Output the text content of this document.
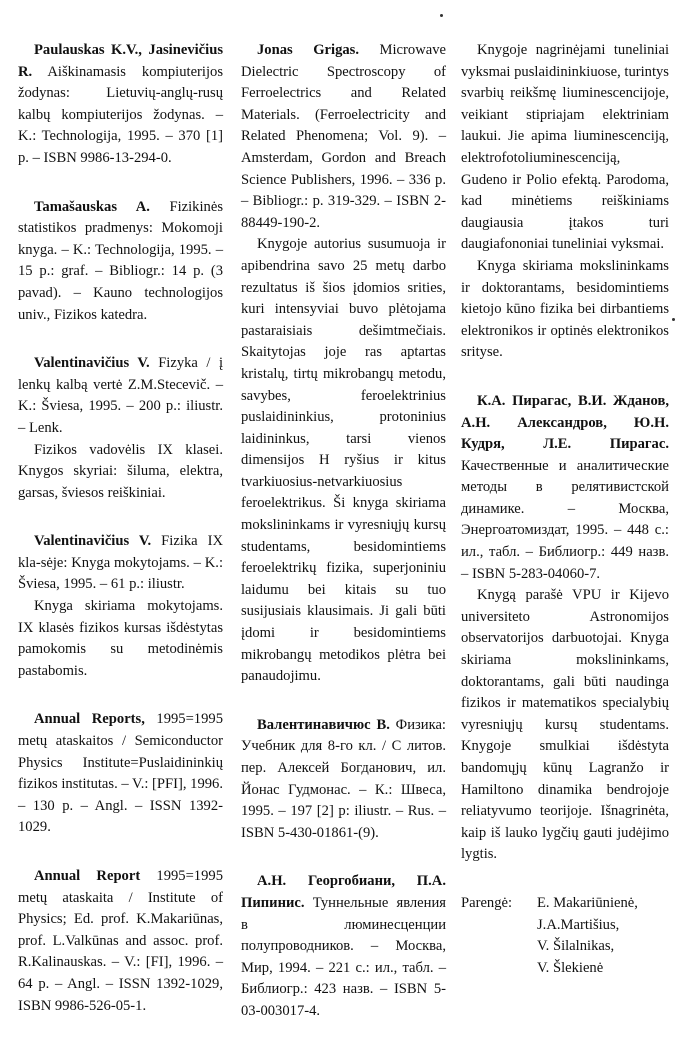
Paulauskas K.V., Jasinevičius R. Aiškinamasis kompiuterijos žodynas: Lietuvių-anglų-rusų kalbų kompiuterijos žodynas. – K.: Technologija, 1995. – 370 [1] p. – ISBN 9986-13-294-0.

Tamašauskas A. Fizikinės statistikos pradmenys: Mokomoji knyga. – K.: Technologija, 1995. – 15 p.: graf. – Bibliogr.: 14 p. (3 pavad). – Kauno technologijos univ., Fizikos katedra.

Valentinavičius V. Fizyka / į lenkų kalbą vertė Z.M.Stecevič. – K.: Šviesa, 1995. – 200 p.: iliustr. – Lenk.

Fizikos vadovėlis IX klasei. Knygos skyriai: šiluma, elektra, garsas, šviesos reiškiniai.

Valentinavičius V. Fizika IX kla-sėje: Knyga mokytojams. – K.: Šviesa, 1995. – 61 p.: iliustr.

Knyga skiriama mokytojams. IX klasės fizikos kursas išdėstytas pamokomis su metodinėmis pastabomis.

Annual Reports, 1995=1995 metų ataskaitos / Semiconductor Physics Institute=Puslaidininkių fizikos institutas. – V.: [PFI], 1996. – 130 p. – Angl. – ISSN 1392-1029.

Annual Report 1995=1995 metų ataskaita / Institute of Physics; Ed. prof. K.Makariūnas, prof. L.Valkūnas and assoc. prof. R.Kalinauskas. – V.: [FI], 1996. – 64 p. – Angl. – ISSN 1392-1029, ISBN 9986-526-05-1.

Jonas Grigas. Microwave Dielectric Spectroscopy of Ferroelectrics and Related Materials. (Ferroelectricity and Related Phenomena; Vol. 9). – Amsterdam, Gordon and Breach Science Publishers, 1996. – 336 p. – Bibliogr.: p. 319-329. – ISBN 2-88449-190-2.

Knygoje autorius susumuoja ir apibendrina savo 25 metų darbo rezultatus iš šios įdomios srities, kuri intensyviai buvo plėtojama pastaraisiais dešimtmečiais. Skaitytojas joje ras aptartas kristalų, tirtų mikrobangų metodu, savybes, feroelektrinius puslaidininkius, protoninius laidininkus, tarsi vienos dimensijos H ryšius ir kitus tvarkiuosius-netvarkiuosius feroelektrikus. Ši knyga skiriama mokslininkams ir vyresniųjų kursų studentams, besidomintiems feroelektrikų fizika, superjoniniu laidumu bei kitais su tuo susijusiais klausimais. Ji gali būti įdomi ir besidomintiems mikrobangų metodikos plėtra bei panaudojimu.

Валентинавичюс В. Физика: Учебник для 8-го кл. / С литов. пер. Алексей Богданович, ил. Йонас Гудмонас. – К.: Швеса, 1995. – 197 [2] р: iliustr. – Rus. – ISBN 5-430-01861-(9).

А.Н. Георгобиани, П.А. Пипинис. Туннельные явления в люминесценции полупроводников. – Москва, Мир, 1994. – 221 с.: ил., табл. – Библиогр.: 423 назв. – ISBN 5-03-003017-4.

Knygoje nagrinėjami tuneliniai vyksmai puslaidininkiuose, turintys svarbių reikšmę liuminescencijoje, veikiant stipriajam elektriniam laukui. Jie apima liuminescenciją, elektrofotoliuminescenciją, Gudeno ir Polio efektą. Parodoma, kad minėtiems reiškiniams daugiausia įtakos turi daugiafononiai tuneliniai vyksmai.

Knyga skiriama mokslininkams ir doktorantams, besidomintiems kietojo kūno fizika bei dirbantiems elektronikos ir optinės elektronikos srityse.

К.А. Пирагас, В.И. Жданов, А.Н. Александров, Ю.Н. Кудря, Л.Е. Пирагас. Качественные и аналитические методы в релятивистской динамике. – Москва, Энергоатомиздат, 1995. – 448 с.: ил., табл. – Библиогр.: 449 назв. – ISBN 5-283-04060-7.

Knygą parašė VPU ir Kijevo universiteto Astronomijos observatorijos darbuotojai. Knyga skiriama mokslininkams, doktorantams, gali būti naudinga fizikos ir matematikos specialybių vyresniųjų kursų studentams. Knygoje smulkiai išdėstyta bandomųjų kūnų Lagranžo ir Hamiltono dinamika bendrojoje reliatyvumo teorijoje. Išnagrinėta, kaip iš lauko lygčių gauti judėjimo lygtis.

Parengė: E. Makariūnienė,
J.A.Martišius,
V. Šilalnikas,
V. Šlekienė
